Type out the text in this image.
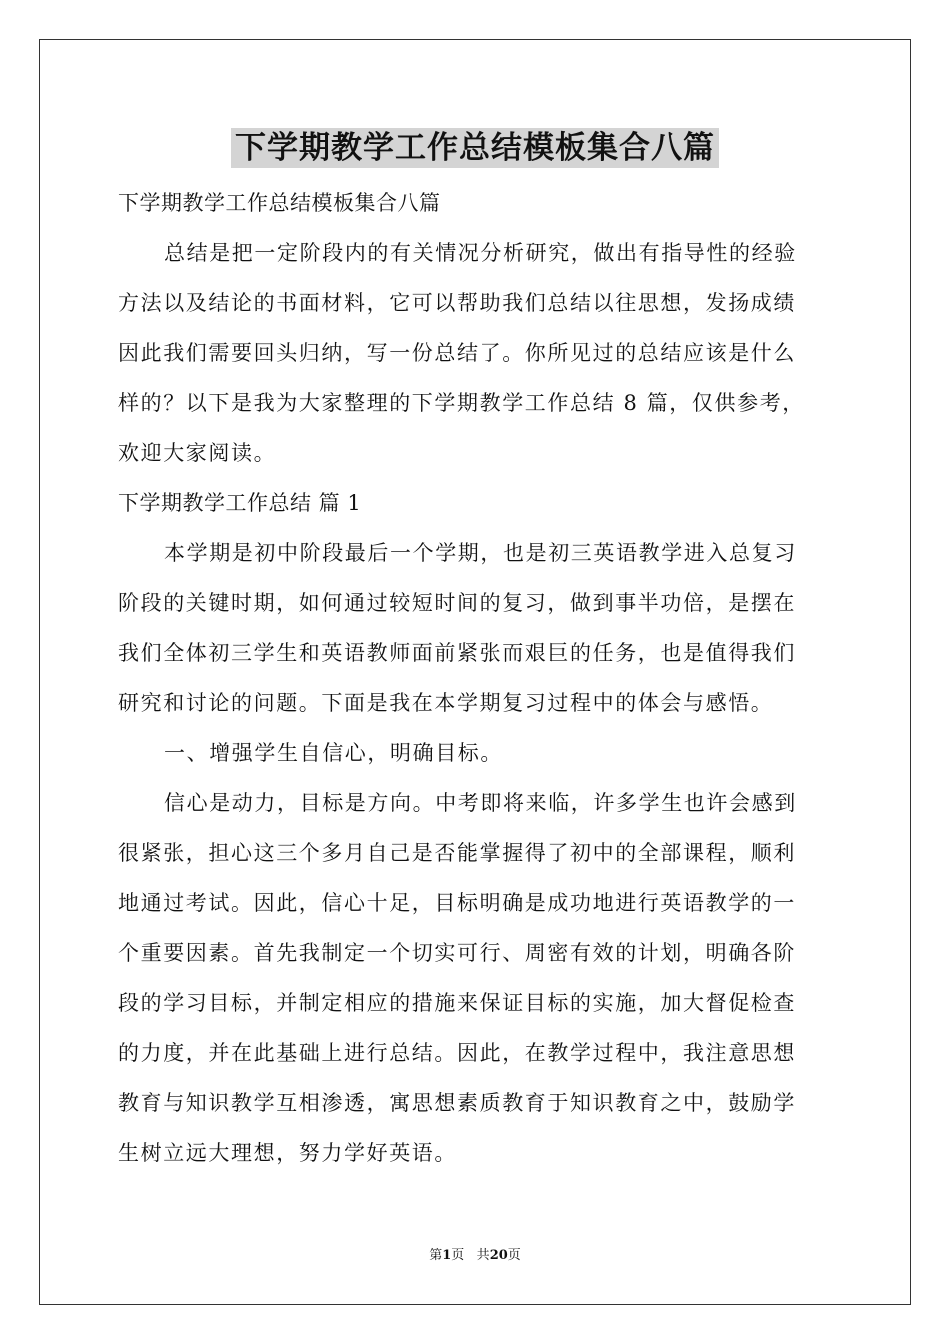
下学期教学工作总结模板集合八篇
下学期教学工作总结模板集合八篇
总结是把一定阶段内的有关情况分析研究，做出有指导性的经验
方法以及结论的书面材料，它可以帮助我们总结以往思想，发扬成绩
因此我们需要回头归纳，写一份总结了。你所见过的总结应该是什么
样的？以下是我为大家整理的下学期教学工作总结 8 篇，仅供参考，
欢迎大家阅读。
下学期教学工作总结 篇 1
本学期是初中阶段最后一个学期，也是初三英语教学进入总复习
阶段的关键时期，如何通过较短时间的复习，做到事半功倍，是摆在
我们全体初三学生和英语教师面前紧张而艰巨的任务，也是值得我们
研究和讨论的问题。下面是我在本学期复习过程中的体会与感悟。
一、增强学生自信心，明确目标。
信心是动力，目标是方向。中考即将来临，许多学生也许会感到
很紧张，担心这三个多月自己是否能掌握得了初中的全部课程，顺利
地通过考试。因此，信心十足，目标明确是成功地进行英语教学的一
个重要因素。首先我制定一个切实可行、周密有效的计划，明确各阶
段的学习目标，并制定相应的措施来保证目标的实施，加大督促检查
的力度，并在此基础上进行总结。因此，在教学过程中，我注意思想
教育与知识教学互相渗透，寓思想素质教育于知识教育之中，鼓励学
生树立远大理想，努力学好英语。
第1页 共20页
